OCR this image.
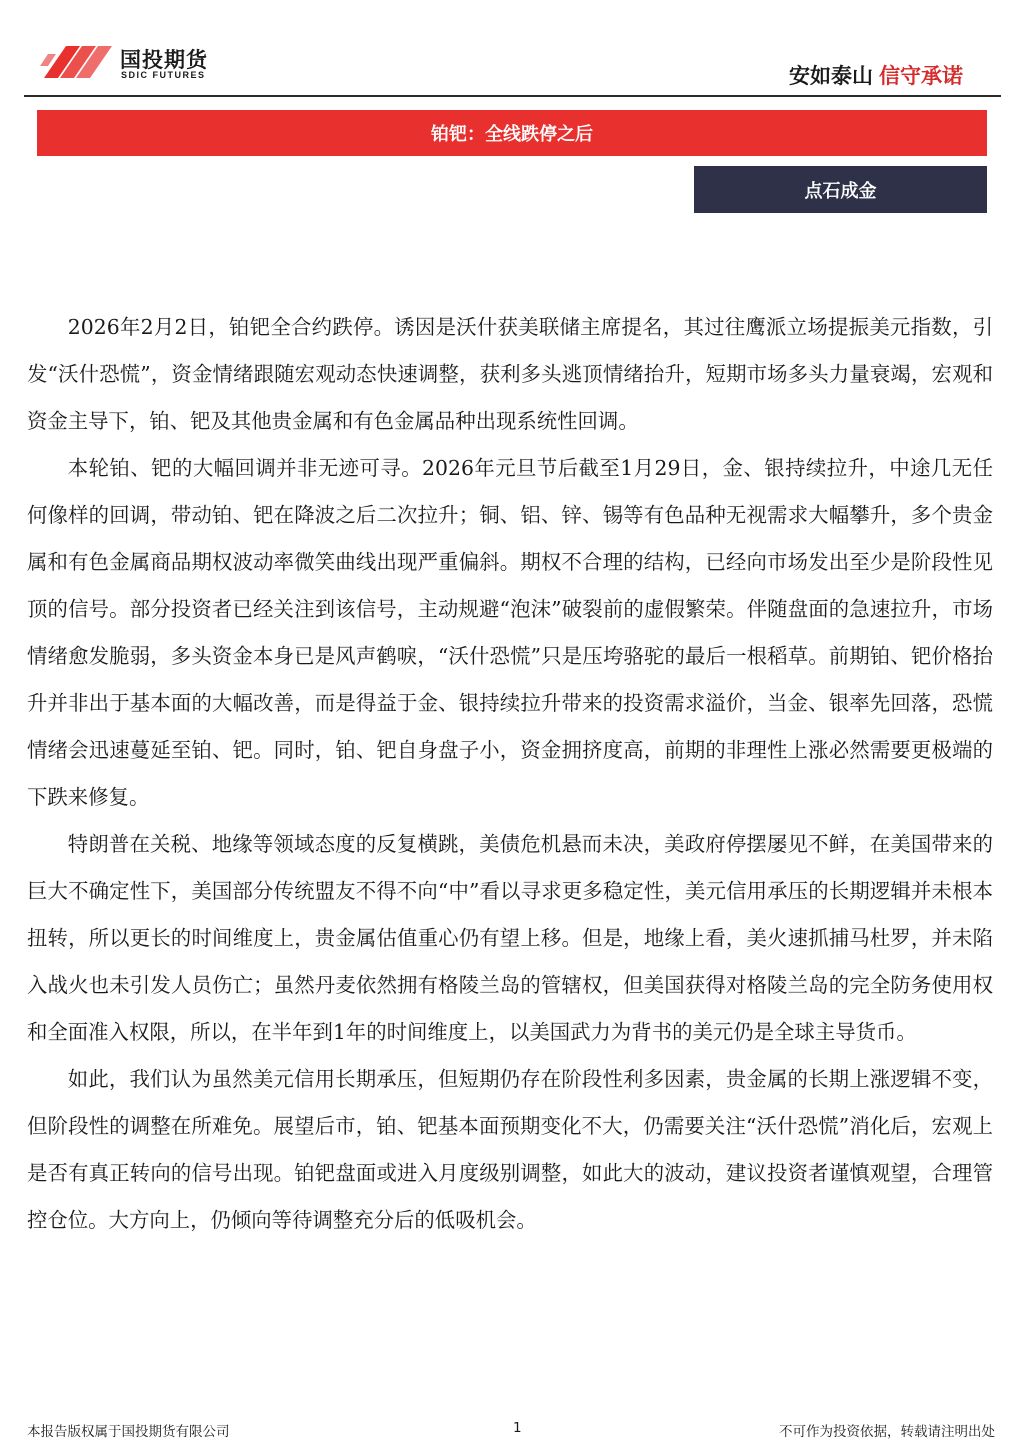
国投期货
SDIC FUTURES	安如泰山 信守承诺
铂钯：全线跌停之后
点石成金

2026年2月2日，铂钯全合约跌停。诱因是沃什获美联储主席提名，其过往鹰派立场提振美元指数，引发“沃什恐慌”，资金情绪跟随宏观动态快速调整，获利多头逃顶情绪抬升，短期市场多头力量衰竭，宏观和资金主导下，铂、钯及其他贵金属和有色金属品种出现系统性回调。

本轮铂、钯的大幅回调并非无迹可寻。2026年元旦节后截至1月29日，金、银持续拉升，中途几无任何像样的回调，带动铂、钯在降波之后二次拉升；铜、铝、锌、锡等有色品种无视需求大幅攀升，多个贵金属和有色金属商品期权波动率微笑曲线出现严重偏斜。期权不合理的结构，已经向市场发出至少是阶段性见顶的信号。部分投资者已经关注到该信号，主动规避“泡沫”破裂前的虚假繁荣。伴随盘面的急速拉升，市场情绪愈发脆弱，多头资金本身已是风声鹤唳，“沃什恐慌”只是压垮骆驼的最后一根稻草。前期铂、钯价格抬升并非出于基本面的大幅改善，而是得益于金、银持续拉升带来的投资需求溢价，当金、银率先回落，恐慌情绪会迅速蔓延至铂、钯。同时，铂、钯自身盘子小，资金拥挤度高，前期的非理性上涨必然需要更极端的下跌来修复。

特朗普在关税、地缘等领域态度的反复横跳，美债危机悬而未决，美政府停摆屡见不鲜，在美国带来的巨大不确定性下，美国部分传统盟友不得不向“中”看以寻求更多稳定性，美元信用承压的长期逻辑并未根本扭转，所以更长的时间维度上，贵金属估值重心仍有望上移。但是，地缘上看，美火速抓捕马杜罗，并未陷入战火也未引发人员伤亡；虽然丹麦依然拥有格陵兰岛的管辖权，但美国获得对格陵兰岛的完全防务使用权和全面准入权限，所以，在半年到1年的时间维度上，以美国武力为背书的美元仍是全球主导货币。

如此，我们认为虽然美元信用长期承压，但短期仍存在阶段性利多因素，贵金属的长期上涨逻辑不变，但阶段性的调整在所难免。展望后市，铂、钯基本面预期变化不大，仍需要关注“沃什恐慌”消化后，宏观上是否有真正转向的信号出现。铂钯盘面或进入月度级别调整，如此大的波动，建议投资者谨慎观望，合理管控仓位。大方向上，仍倾向等待调整充分后的低吸机会。

本报告版权属于国投期货有限公司	1	不可作为投资依据，转载请注明出处
